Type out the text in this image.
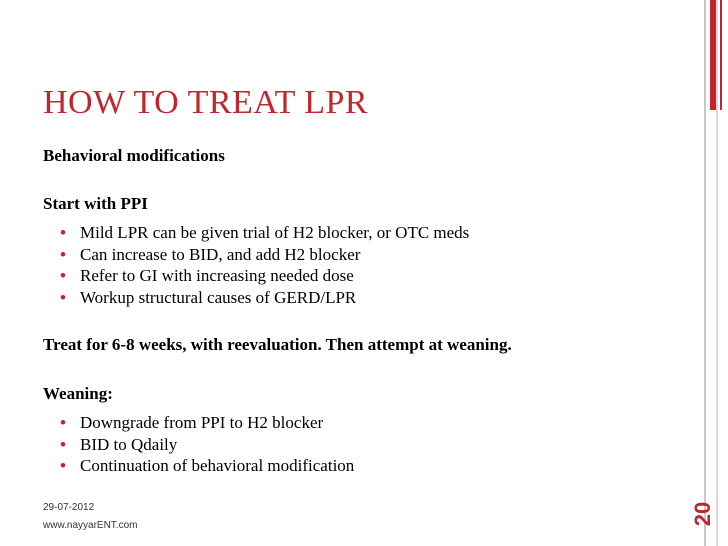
HOW TO TREAT LPR
Behavioral modifications
Start with PPI
• Mild LPR can be given trial of H2 blocker, or OTC meds
• Can increase to BID, and add H2 blocker
• Refer to GI with increasing needed dose
• Workup structural causes of GERD/LPR
Treat for 6-8 weeks, with reevaluation. Then attempt at weaning.
Weaning:
• Downgrade from PPI to H2 blocker
• BID to Qdaily
• Continuation of behavioral modification
29-07-2012
www.nayyarENT.com	20
